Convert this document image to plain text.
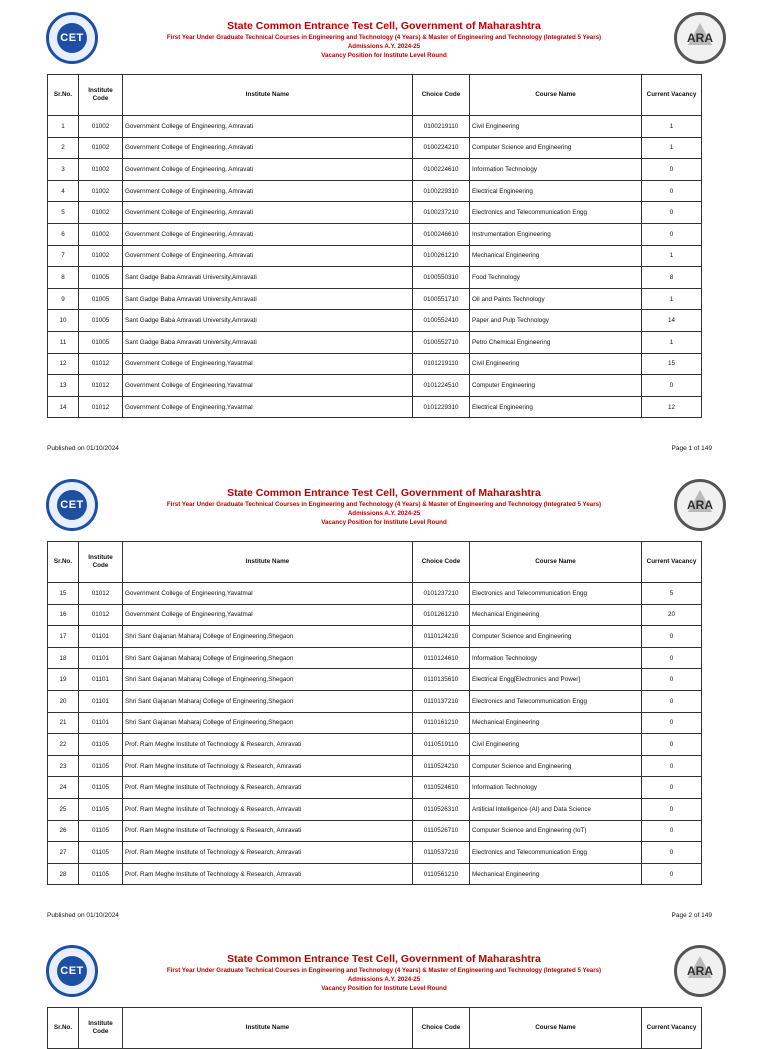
CET
State Common Entrance Test Cell, Government of Maharashtra
First Year Under Graduate Technical Courses in Engineering and Technology (4 Years) & Master of Engineering and Technology (Integrated 5 Years)
Admissions A.Y. 2024-25
Vacancy Position for Institute Level Round
ARA
Sr.No.	Institute Code	Institute Name	Choice Code	Course Name	Current Vacancy
1	01002	Government College of Engineering, Amravati	0100219110	Civil Engineering	1
2	01002	Government College of Engineering, Amravati	0100224210	Computer Science and Engineering	1
3	01002	Government College of Engineering, Amravati	0100224610	Information Technology	0
4	01002	Government College of Engineering, Amravati	0100229310	Electrical Engineering	0
5	01002	Government College of Engineering, Amravati	0100237210	Electronics and Telecommunication Engg	0
6	01002	Government College of Engineering, Amravati	0100246610	Instrumentation Engineering	0
7	01002	Government College of Engineering, Amravati	0100261210	Mechanical Engineering	1
8	01005	Sant Gadge Baba Amravati University,Amravati	0100550310	Food Technology	8
9	01005	Sant Gadge Baba Amravati University,Amravati	0100551710	Oil and Paints Technology	1
10	01005	Sant Gadge Baba Amravati University,Amravati	0100552410	Paper and Pulp Technology	14
11	01005	Sant Gadge Baba Amravati University,Amravati	0100552710	Petro Chemical Engineering	1
12	01012	Government College of Engineering,Yavatmal	0101219110	Civil Engineering	15
13	01012	Government College of Engineering,Yavatmal	0101224510	Computer Engineering	0
14	01012	Government College of Engineering,Yavatmal	0101229310	Electrical Engineering	12
Published on 01/10/2024	Page 1 of 149
CET
State Common Entrance Test Cell, Government of Maharashtra
First Year Under Graduate Technical Courses in Engineering and Technology (4 Years) & Master of Engineering and Technology (Integrated 5 Years)
Admissions A.Y. 2024-25
Vacancy Position for Institute Level Round
ARA
Sr.No.	Institute Code	Institute Name	Choice Code	Course Name	Current Vacancy
15	01012	Government College of Engineering,Yavatmal	0101237210	Electronics and Telecommunication Engg	5
16	01012	Government College of Engineering,Yavatmal	0101261210	Mechanical Engineering	20
17	01101	Shri Sant Gajanan Maharaj College of Engineering,Shegaon	0110124210	Computer Science and Engineering	0
18	01101	Shri Sant Gajanan Maharaj College of Engineering,Shegaon	0110124610	Information Technology	0
19	01101	Shri Sant Gajanan Maharaj College of Engineering,Shegaon	0110135610	Electrical Engg[Electronics and Power]	0
20	01101	Shri Sant Gajanan Maharaj College of Engineering,Shegaon	0110137210	Electronics and Telecommunication Engg	0
21	01101	Shri Sant Gajanan Maharaj College of Engineering,Shegaon	0110161210	Mechanical Engineering	0
22	01105	Prof. Ram Meghe Institute of Technology & Research, Amravati	0110519110	Civil Engineering	0
23	01105	Prof. Ram Meghe Institute of Technology & Research, Amravati	0110524210	Computer Science and Engineering	0
24	01105	Prof. Ram Meghe Institute of Technology & Research, Amravati	0110524610	Information Technology	0
25	01105	Prof. Ram Meghe Institute of Technology & Research, Amravati	0110526310	Artificial Intelligence (AI) and Data Science	0
26	01105	Prof. Ram Meghe Institute of Technology & Research, Amravati	0110526710	Computer Science and Engineering (IoT)	0
27	01105	Prof. Ram Meghe Institute of Technology & Research, Amravati	0110537210	Electronics and Telecommunication Engg	0
28	01105	Prof. Ram Meghe Institute of Technology & Research, Amravati	0110561210	Mechanical Engineering	0
Published on 01/10/2024	Page 2 of 149
CET
State Common Entrance Test Cell, Government of Maharashtra
First Year Under Graduate Technical Courses in Engineering and Technology (4 Years) & Master of Engineering and Technology (Integrated 5 Years)
Admissions A.Y. 2024-25
Vacancy Position for Institute Level Round
ARA
Sr.No.	Institute Code	Institute Name	Choice Code	Course Name	Current Vacancy
